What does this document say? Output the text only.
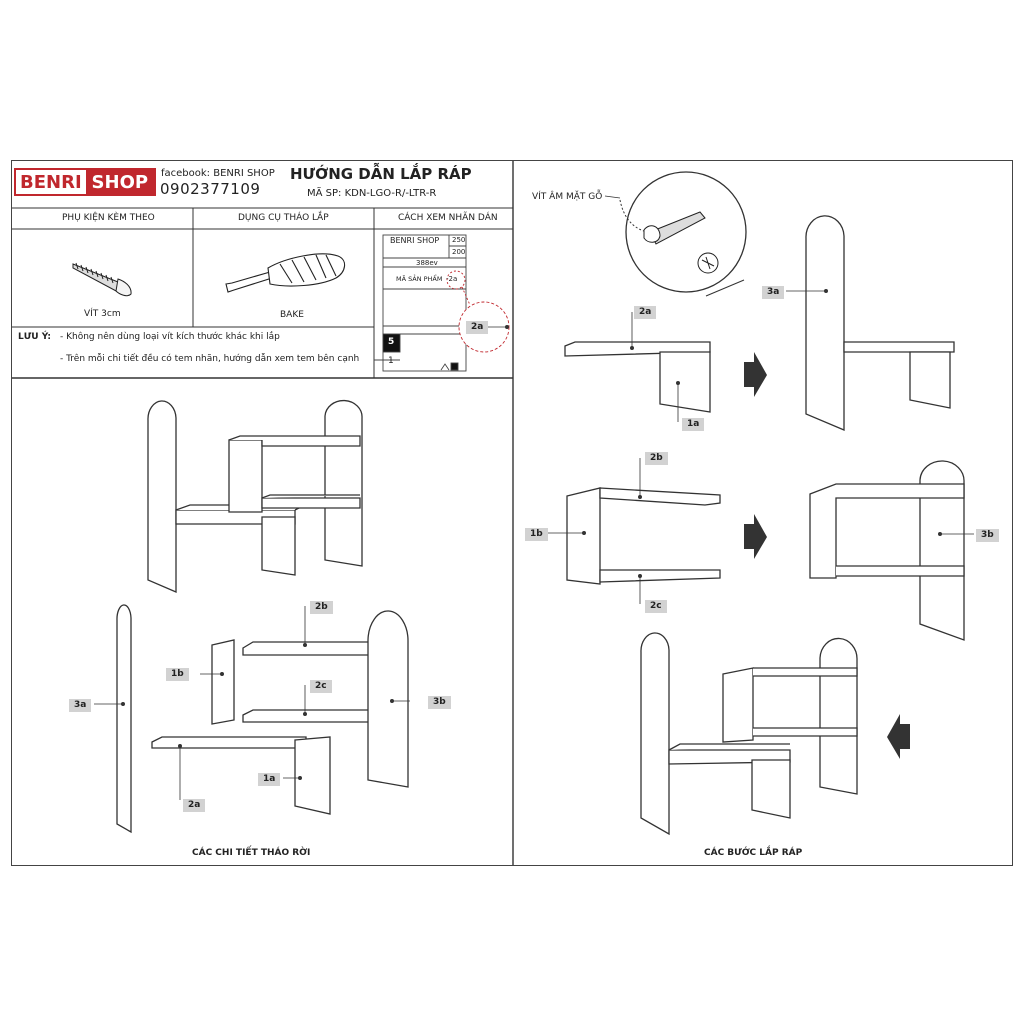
BENRI SHOP	facebook: BENRI SHOP
0902377109
HƯỚNG DẪN LẮP RÁP
MÃ SP: KDN-LGO-R/-LTR-R
PHỤ KIỆN KÈM THEO	DỤNG CỤ THÁO LẮP	CÁCH XEM NHÃN DÁN
VÍT 3cm	BAKE
BENRI SHOP 250
200
388ev
MÃ SẢN PHẨM -2a
5
1
2a
LƯU Ý: - Không nên dùng loại vít kích thước khác khi lắp
- Trên mỗi chi tiết đều có tem nhãn, hướng dẫn xem tem bên cạnh
VÍT ÂM MẶT GỖ
2b
1b
2c
3a	3b
1a
2a
2a
1a
3a
2b
1b
2c
3b
CÁC CHI TIẾT THÁO RỜI	CÁC BƯỚC LẮP RÁP
